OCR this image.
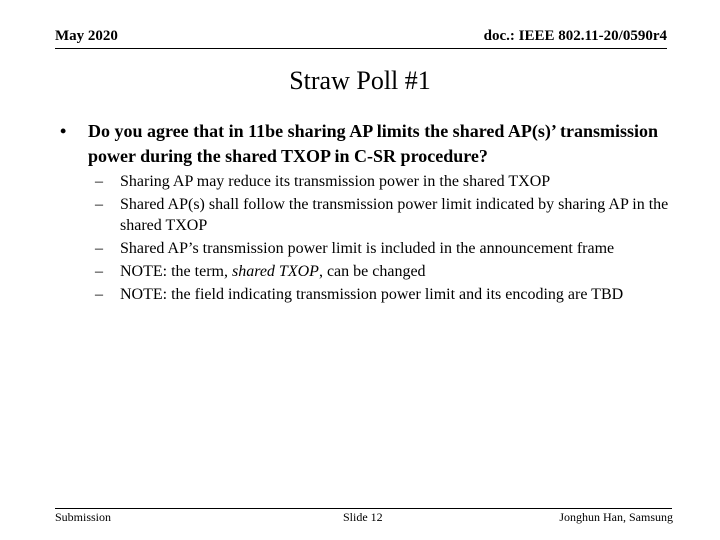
May 2020	doc.: IEEE 802.11-20/0590r4
Straw Poll #1
• Do you agree that in 11be sharing AP limits the shared AP(s)’ transmission power during the shared TXOP in C-SR procedure?
– Sharing AP may reduce its transmission power in the shared TXOP
– Shared AP(s) shall follow the transmission power limit indicated by sharing AP in the shared TXOP
– Shared AP’s transmission power limit is included in the announcement frame
– NOTE: the term, shared TXOP, can be changed
– NOTE: the field indicating transmission power limit and its encoding are TBD
Submission	Slide 12	Jonghun Han, Samsung
